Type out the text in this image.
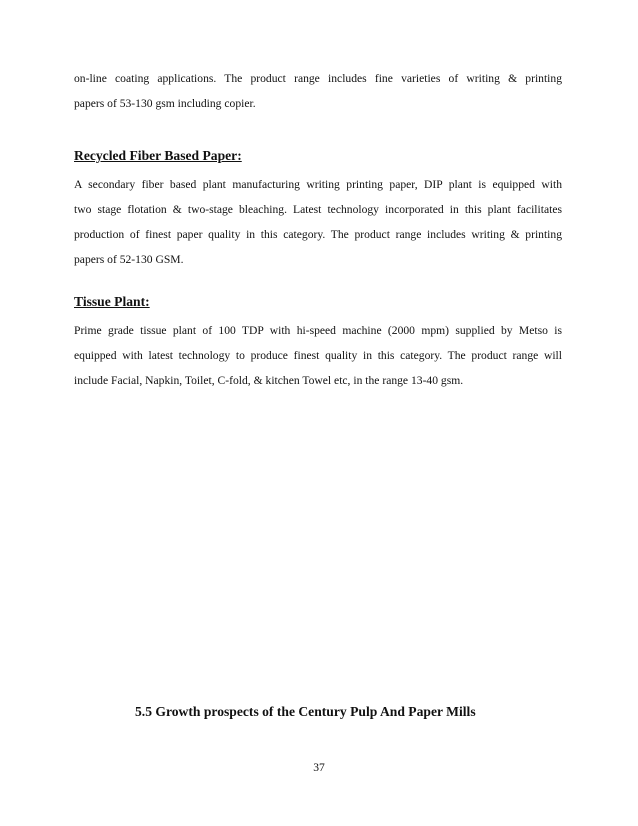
on-line coating applications. The product range includes fine varieties of writing & printing
papers of 53-130 gsm including copier.

Recycled Fiber Based Paper:

A secondary fiber based plant manufacturing writing printing paper, DIP plant is equipped with
two stage flotation & two-stage bleaching. Latest technology incorporated in this plant facilitates
production of finest paper quality in this category. The product range includes writing & printing
papers of 52-130 GSM.

Tissue Plant:

Prime grade tissue plant of 100 TDP with hi-speed machine (2000 mpm) supplied by Metso is
equipped with latest technology to produce finest quality in this category. The product range will
include Facial, Napkin, Toilet, C-fold, & kitchen Towel etc, in the range 13-40 gsm.

5.5 Growth prospects of the Century Pulp And Paper Mills
37
